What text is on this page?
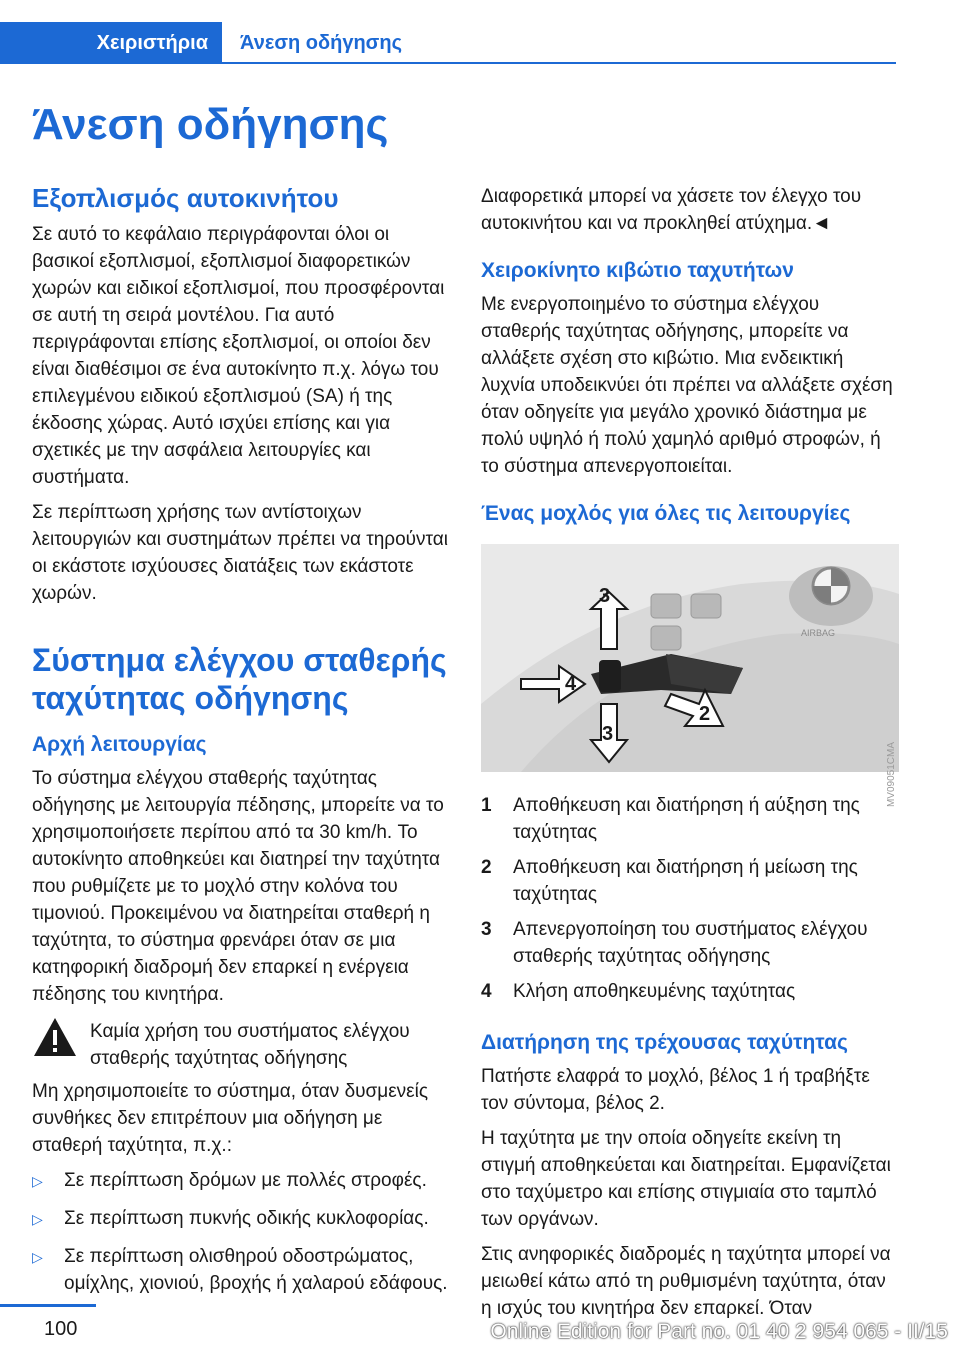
Χειριστήρια	Άνεση οδήγησης
Άνεση οδήγησης
Εξοπλισμός αυτοκινήτου

Σε αυτό το κεφάλαιο περιγράφονται όλοι οι βασικοί εξοπλισμοί, εξοπλισμοί διαφορετικών χωρών και ειδικοί εξοπλισμοί, που προσφέρονται σε αυτή τη σειρά μοντέλου. Για αυτό περιγράφονται επίσης εξοπλισμοί, οι οποίοι δεν είναι διαθέσιμοι σε ένα αυτοκίνητο π.χ. λόγω του επιλεγμένου ειδικού εξοπλισμού (SA) ή της έκδοσης χώρας. Αυτό ισχύει επίσης και για σχετικές με την ασφάλεια λειτουργίες και συστήματα.

Σε περίπτωση χρήσης των αντίστοιχων λειτουργιών και συστημάτων πρέπει να τηρούνται οι εκάστοτε ισχύουσες διατάξεις των εκάστοτε χωρών.

Σύστημα ελέγχου σταθερής ταχύτητας οδήγησης
Αρχή λειτουργίας

Το σύστημα ελέγχου σταθερής ταχύτητας οδήγησης με λειτουργία πέδησης, μπορείτε να το χρησιμοποιήσετε περίπου από τα 30 km/h. Το αυτοκίνητο αποθηκεύει και διατηρεί την ταχύτητα που ρυθμίζετε με το μοχλό στην κολόνα του τιμονιού. Προκειμένου να διατηρείται σταθερή η ταχύτητα, το σύστημα φρενάρει όταν σε μια κατηφορική διαδρομή δεν επαρκεί η ενέργεια πέδησης του κινητήρα.

Καμία χρήση του συστήματος ελέγχου σταθερής ταχύτητας οδήγησης

Μη χρησιμοποιείτε το σύστημα, όταν δυσμενείς συνθήκες δεν επιτρέπουν μια οδήγηση με σταθερή ταχύτητα, π.χ.:

▷	Σε περίπτωση δρόμων με πολλές στροφές.
▷	Σε περίπτωση πυκνής οδικής κυκλοφορίας.
▷	Σε περίπτωση ολισθηρού οδοστρώματος, ομίχλης, χιονιού, βροχής ή χαλαρού εδάφους.

Διαφορετικά μπορεί να χάσετε τον έλεγχο του αυτοκινήτου και να προκληθεί ατύχημα.◄

Χειροκίνητο κιβώτιο ταχυτήτων

Με ενεργοποιημένο το σύστημα ελέγχου σταθερής ταχύτητας οδήγησης, μπορείτε να αλλάξετε σχέση στο κιβώτιο. Μια ενδεικτική λυχνία υποδεικνύει ότι πρέπει να αλλάξετε σχέση όταν οδηγείτε για μεγάλο χρονικό διάστημα με πολύ υψηλό ή πολύ χαμηλό αριθμό στροφών, ή το σύστημα απενεργοποιείται.

Ένας μοχλός για όλες τις λειτουργίες
AIRBAG
3
4
2
3
MV09051CMA
1	Αποθήκευση και διατήρηση ή αύξηση της ταχύτητας
2	Αποθήκευση και διατήρηση ή μείωση της ταχύτητας
3	Απενεργοποίηση του συστήματος ελέγχου σταθερής ταχύτητας οδήγησης
4	Κλήση αποθηκευμένης ταχύτητας
Διατήρηση της τρέχουσας ταχύτητας

Πατήστε ελαφρά το μοχλό, βέλος 1 ή τραβήξτε τον σύντομα, βέλος 2.

Η ταχύτητα με την οποία οδηγείτε εκείνη τη στιγμή αποθηκεύεται και διατηρείται. Εμφανίζεται στο ταχύμετρο και επίσης στιγμιαία στο ταμπλό των οργάνων.

Στις ανηφορικές διαδρομές η ταχύτητα μπορεί να μειωθεί κάτω από τη ρυθμισμένη ταχύτητα, όταν η ισχύς του κινητήρα δεν επαρκεί. Όταν

100	Online Edition for Part no. 01 40 2 954 065 - II/15
